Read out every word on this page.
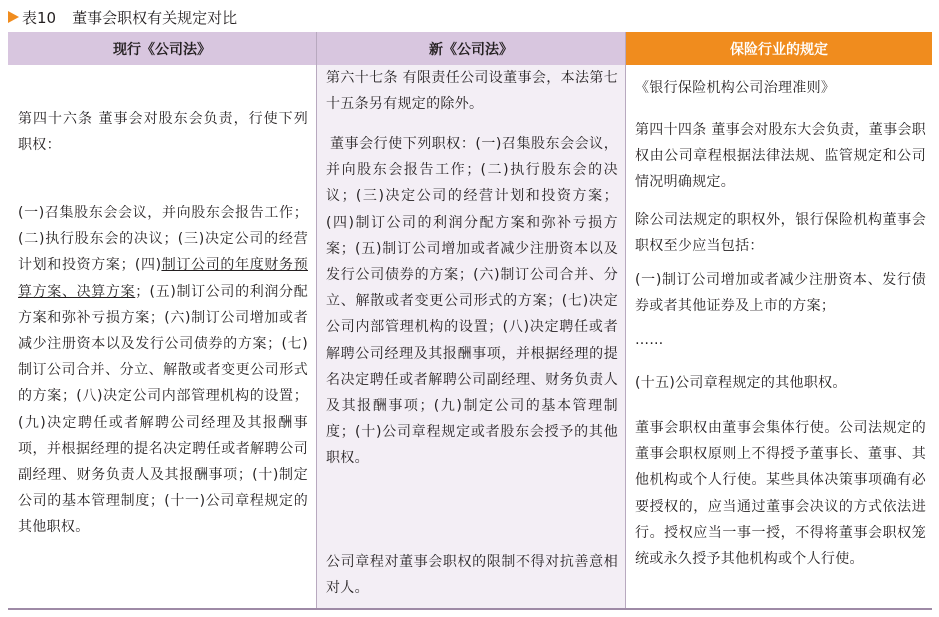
表10 董事会职权有关规定对比
现行《公司法》	新《公司法》	保险行业的规定
第四十六条 董事会对股东会负责，行使下列职权：
(一)召集股东会会议，并向股东会报告工作；(二)执行股东会的决议；(三)决定公司的经营计划和投资方案；(四)制订公司的年度财务预算方案、决算方案；(五)制订公司的利润分配方案和弥补亏损方案；(六)制订公司增加或者减少注册资本以及发行公司债券的方案；(七)制订公司合并、分立、解散或者变更公司形式的方案；(八)决定公司内部管理机构的设置；(九)决定聘任或者解聘公司经理及其报酬事项，并根据经理的提名决定聘任或者解聘公司副经理、财务负责人及其报酬事项；(十)制定公司的基本管理制度；(十一)公司章程规定的其他职权。
第六十七条 有限责任公司设董事会，本法第七十五条另有规定的除外。
董事会行使下列职权：(一)召集股东会会议，并向股东会报告工作；(二)执行股东会的决议；(三)决定公司的经营计划和投资方案；(四)制订公司的利润分配方案和弥补亏损方案；(五)制订公司增加或者减少注册资本以及发行公司债券的方案；(六)制订公司合并、分立、解散或者变更公司形式的方案；(七)决定公司内部管理机构的设置；(八)决定聘任或者解聘公司经理及其报酬事项，并根据经理的提名决定聘任或者解聘公司副经理、财务负责人及其报酬事项；(九)制定公司的基本管理制度；(十)公司章程规定或者股东会授予的其他职权。
公司章程对董事会职权的限制不得对抗善意相对人。
《银行保险机构公司治理准则》
第四十四条 董事会对股东大会负责，董事会职权由公司章程根据法律法规、监管规定和公司情况明确规定。
除公司法规定的职权外，银行保险机构董事会职权至少应当包括：
(一)制订公司增加或者减少注册资本、发行债券或者其他证券及上市的方案；
……
(十五)公司章程规定的其他职权。
董事会职权由董事会集体行使。公司法规定的董事会职权原则上不得授予董事长、董事、其他机构或个人行使。某些具体决策事项确有必要授权的，应当通过董事会决议的方式依法进行。授权应当一事一授，不得将董事会职权笼统或永久授予其他机构或个人行使。
